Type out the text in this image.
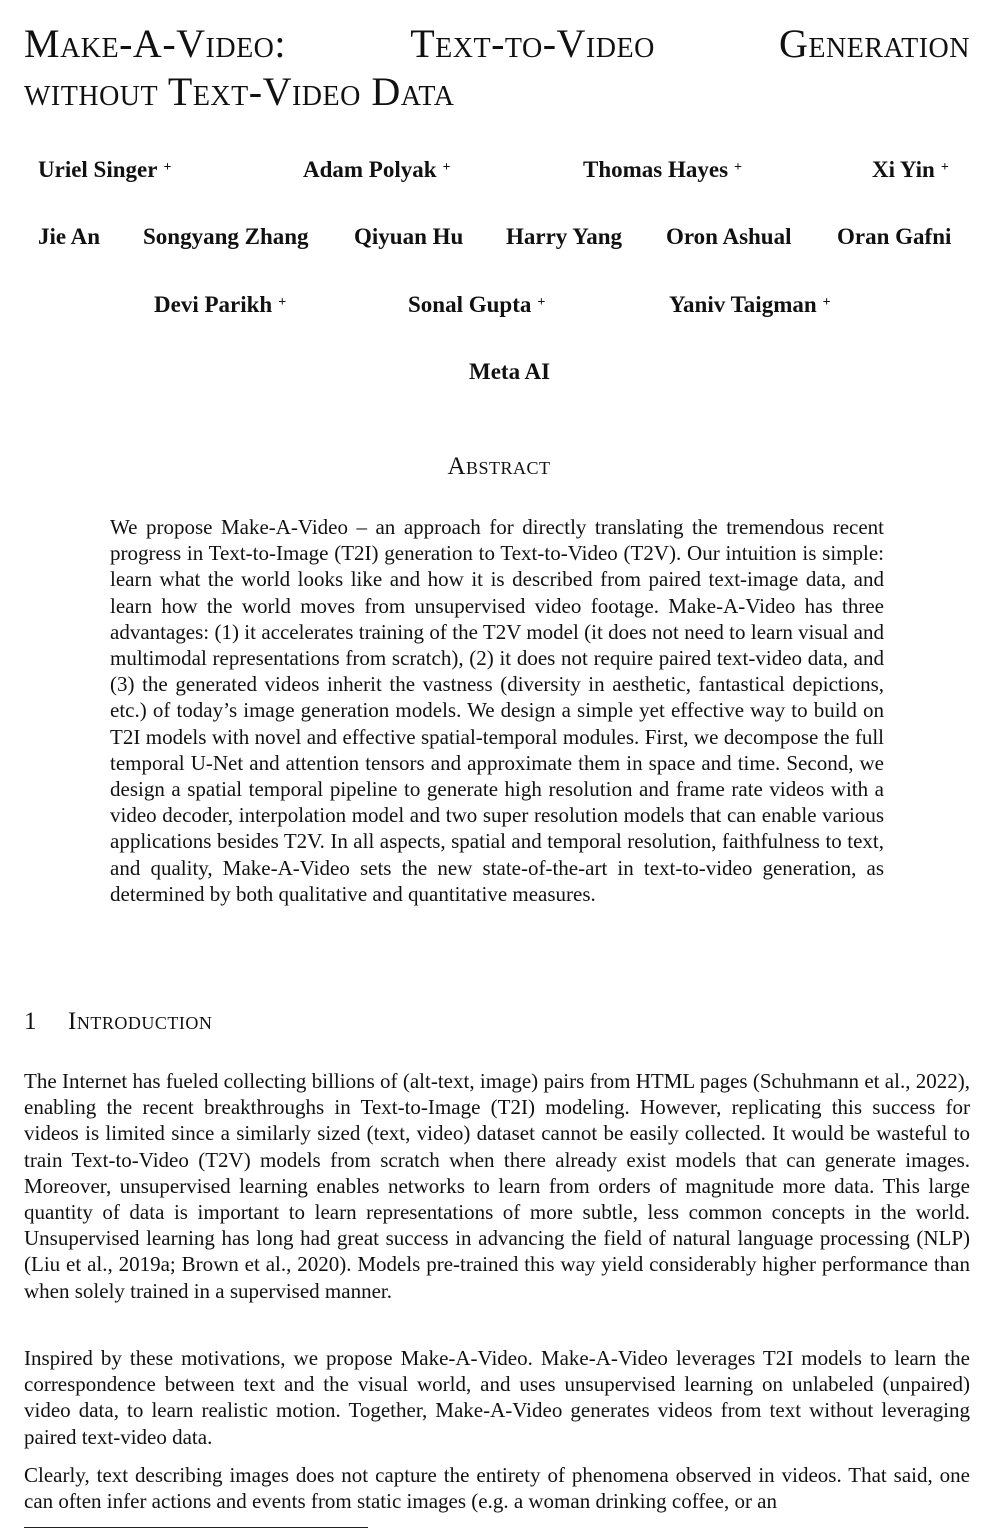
Make-A-Video:	Text-to-Video	Generation
without Text-Video Data
Uriel Singer +	Adam Polyak +	Thomas Hayes +	Xi Yin +
Jie An Songyang Zhang Qiyuan Hu Harry Yang Oron Ashual Oran Gafni
Devi Parikh +	Sonal Gupta +	Yaniv Taigman +
Meta AI
Abstract

We propose Make-A-Video – an approach for directly translating the tremendous recent progress in Text-to-Image (T2I) generation to Text-to-Video (T2V). Our intuition is simple: learn what the world looks like and how it is described from paired text-image data, and learn how the world moves from unsupervised video footage. Make-A-Video has three advantages: (1) it accelerates training of the T2V model (it does not need to learn visual and multimodal representations from scratch), (2) it does not require paired text-video data, and (3) the generated videos inherit the vastness (diversity in aesthetic, fantastical depictions, etc.) of today’s image generation models. We design a simple yet effective way to build on T2I models with novel and effective spatial-temporal modules. First, we decompose the full temporal U-Net and attention tensors and approximate them in space and time. Second, we design a spatial temporal pipeline to generate high resolution and frame rate videos with a video decoder, interpolation model and two super resolution models that can enable various applications besides T2V. In all aspects, spatial and temporal resolution, faithfulness to text, and quality, Make-A-Video sets the new state-of-the-art in text-to-video generation, as determined by both qualitative and quantitative measures.

1 Introduction

The Internet has fueled collecting billions of (alt-text, image) pairs from HTML pages (Schuhmann et al., 2022), enabling the recent breakthroughs in Text-to-Image (T2I) modeling. However, replicating this success for videos is limited since a similarly sized (text, video) dataset cannot be easily collected. It would be wasteful to train Text-to-Video (T2V) models from scratch when there already exist models that can generate images. Moreover, unsupervised learning enables networks to learn from orders of magnitude more data. This large quantity of data is important to learn representations of more subtle, less common concepts in the world. Unsupervised learning has long had great success in advancing the field of natural language processing (NLP) (Liu et al., 2019a; Brown et al., 2020). Models pre-trained this way yield considerably higher performance than when solely trained in a supervised manner.

Inspired by these motivations, we propose Make-A-Video. Make-A-Video leverages T2I models to learn the correspondence between text and the visual world, and uses unsupervised learning on unlabeled (unpaired) video data, to learn realistic motion. Together, Make-A-Video generates videos from text without leveraging paired text-video data.

Clearly, text describing images does not capture the entirety of phenomena observed in videos. That said, one can often infer actions and events from static images (e.g. a woman drinking coffee, or an
